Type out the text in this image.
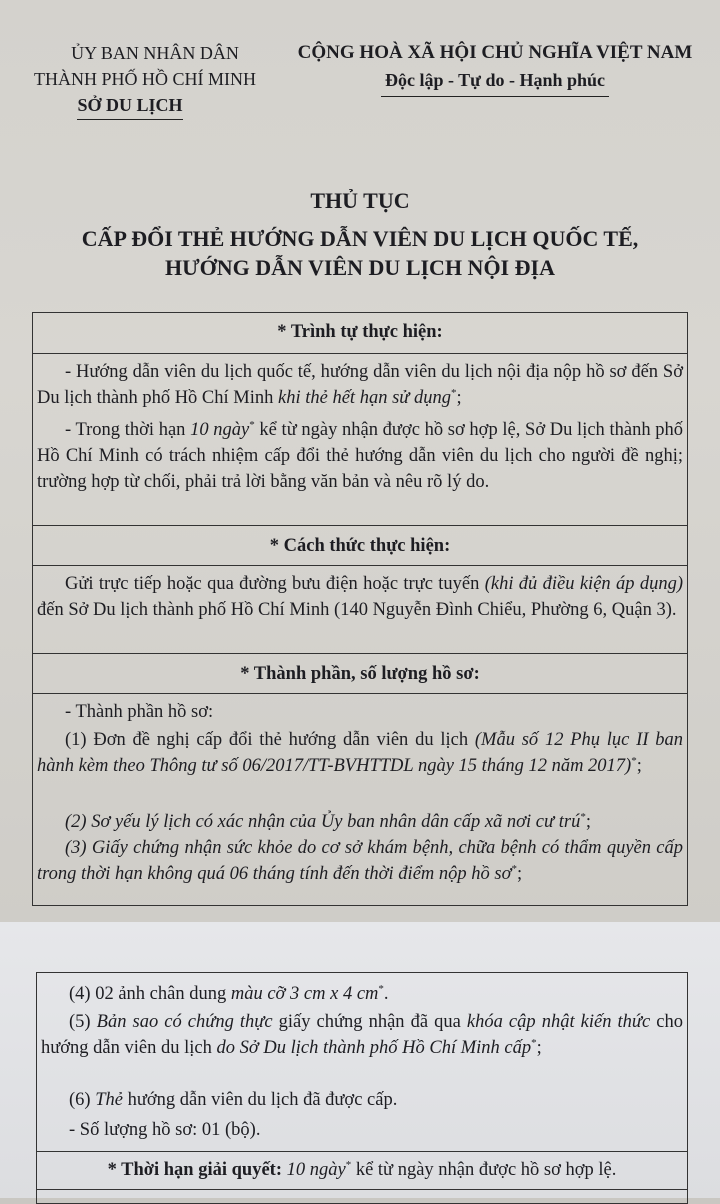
ỦY BAN NHÂN DÂN
THÀNH PHỐ HỒ CHÍ MINH
SỞ DU LỊCH
CỘNG HOÀ XÃ HỘI CHỦ NGHĨA VIỆT NAM
Độc lập - Tự do - Hạnh phúc
THỦ TỤC
CẤP ĐỔI THẺ HƯỚNG DẪN VIÊN DU LỊCH QUỐC TẾ,
HƯỚNG DẪN VIÊN DU LỊCH NỘI ĐỊA
* Trình tự thực hiện:
- Hướng dẫn viên du lịch quốc tế, hướng dẫn viên du lịch nội địa nộp hồ sơ đến Sở Du lịch thành phố Hồ Chí Minh khi thẻ hết hạn sử dụng*;
- Trong thời hạn 10 ngày* kể từ ngày nhận được hồ sơ hợp lệ, Sở Du lịch thành phố Hồ Chí Minh có trách nhiệm cấp đổi thẻ hướng dẫn viên du lịch cho người đề nghị; trường hợp từ chối, phải trả lời bằng văn bản và nêu rõ lý do.
* Cách thức thực hiện:
Gửi trực tiếp hoặc qua đường bưu điện hoặc trực tuyến (khi đủ điều kiện áp dụng) đến Sở Du lịch thành phố Hồ Chí Minh (140 Nguyễn Đình Chiểu, Phường 6, Quận 3).
* Thành phần, số lượng hồ sơ:
- Thành phần hồ sơ:
(1) Đơn đề nghị cấp đổi thẻ hướng dẫn viên du lịch (Mẫu số 12 Phụ lục II ban hành kèm theo Thông tư số 06/2017/TT-BVHTTDL ngày 15 tháng 12 năm 2017)*;
(2) Sơ yếu lý lịch có xác nhận của Ủy ban nhân dân cấp xã nơi cư trú*;
(3) Giấy chứng nhận sức khỏe do cơ sở khám bệnh, chữa bệnh có thẩm quyền cấp trong thời hạn không quá 06 tháng tính đến thời điểm nộp hồ sơ*;
(4) 02 ảnh chân dung màu cỡ 3 cm x 4 cm*.
(5) Bản sao có chứng thực giấy chứng nhận đã qua khóa cập nhật kiến thức cho hướng dẫn viên du lịch do Sở Du lịch thành phố Hồ Chí Minh cấp*;
(6) Thẻ hướng dẫn viên du lịch đã được cấp.
- Số lượng hồ sơ: 01 (bộ).
* Thời hạn giải quyết: 10 ngày* kể từ ngày nhận được hồ sơ hợp lệ.
